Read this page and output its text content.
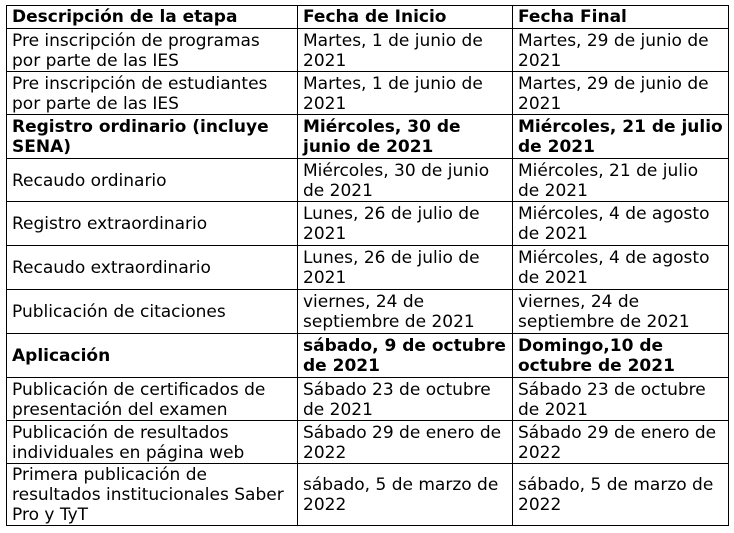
Descripción de la etapa	Fecha de Inicio	Fecha Final
Pre inscripción de programas por parte de las IES	Martes, 1 de junio de 2021	Martes, 29 de junio de 2021
Pre inscripción de estudiantes por parte de las IES	Martes, 1 de junio de 2021	Martes, 29 de junio de 2021
Registro ordinario (incluye SENA)	Miércoles, 30 de junio de 2021	Miércoles, 21 de julio de 2021
Recaudo ordinario	Miércoles, 30 de junio de 2021	Miércoles, 21 de julio de 2021
Registro extraordinario	Lunes, 26 de julio de 2021	Miércoles, 4 de agosto de 2021
Recaudo extraordinario	Lunes, 26 de julio de 2021	Miércoles, 4 de agosto de 2021
Publicación de citaciones	viernes, 24 de septiembre de 2021	viernes, 24 de septiembre de 2021
Aplicación	sábado, 9 de octubre de 2021	Domingo,10 de octubre de 2021
Publicación de certificados de presentación del examen	Sábado 23 de octubre de 2021	Sábado 23 de octubre de 2021
Publicación de resultados individuales en página web	Sábado 29 de enero de 2022	Sábado 29 de enero de 2022
Primera publicación de resultados institucionales Saber Pro y TyT	sábado, 5 de marzo de 2022	sábado, 5 de marzo de 2022
